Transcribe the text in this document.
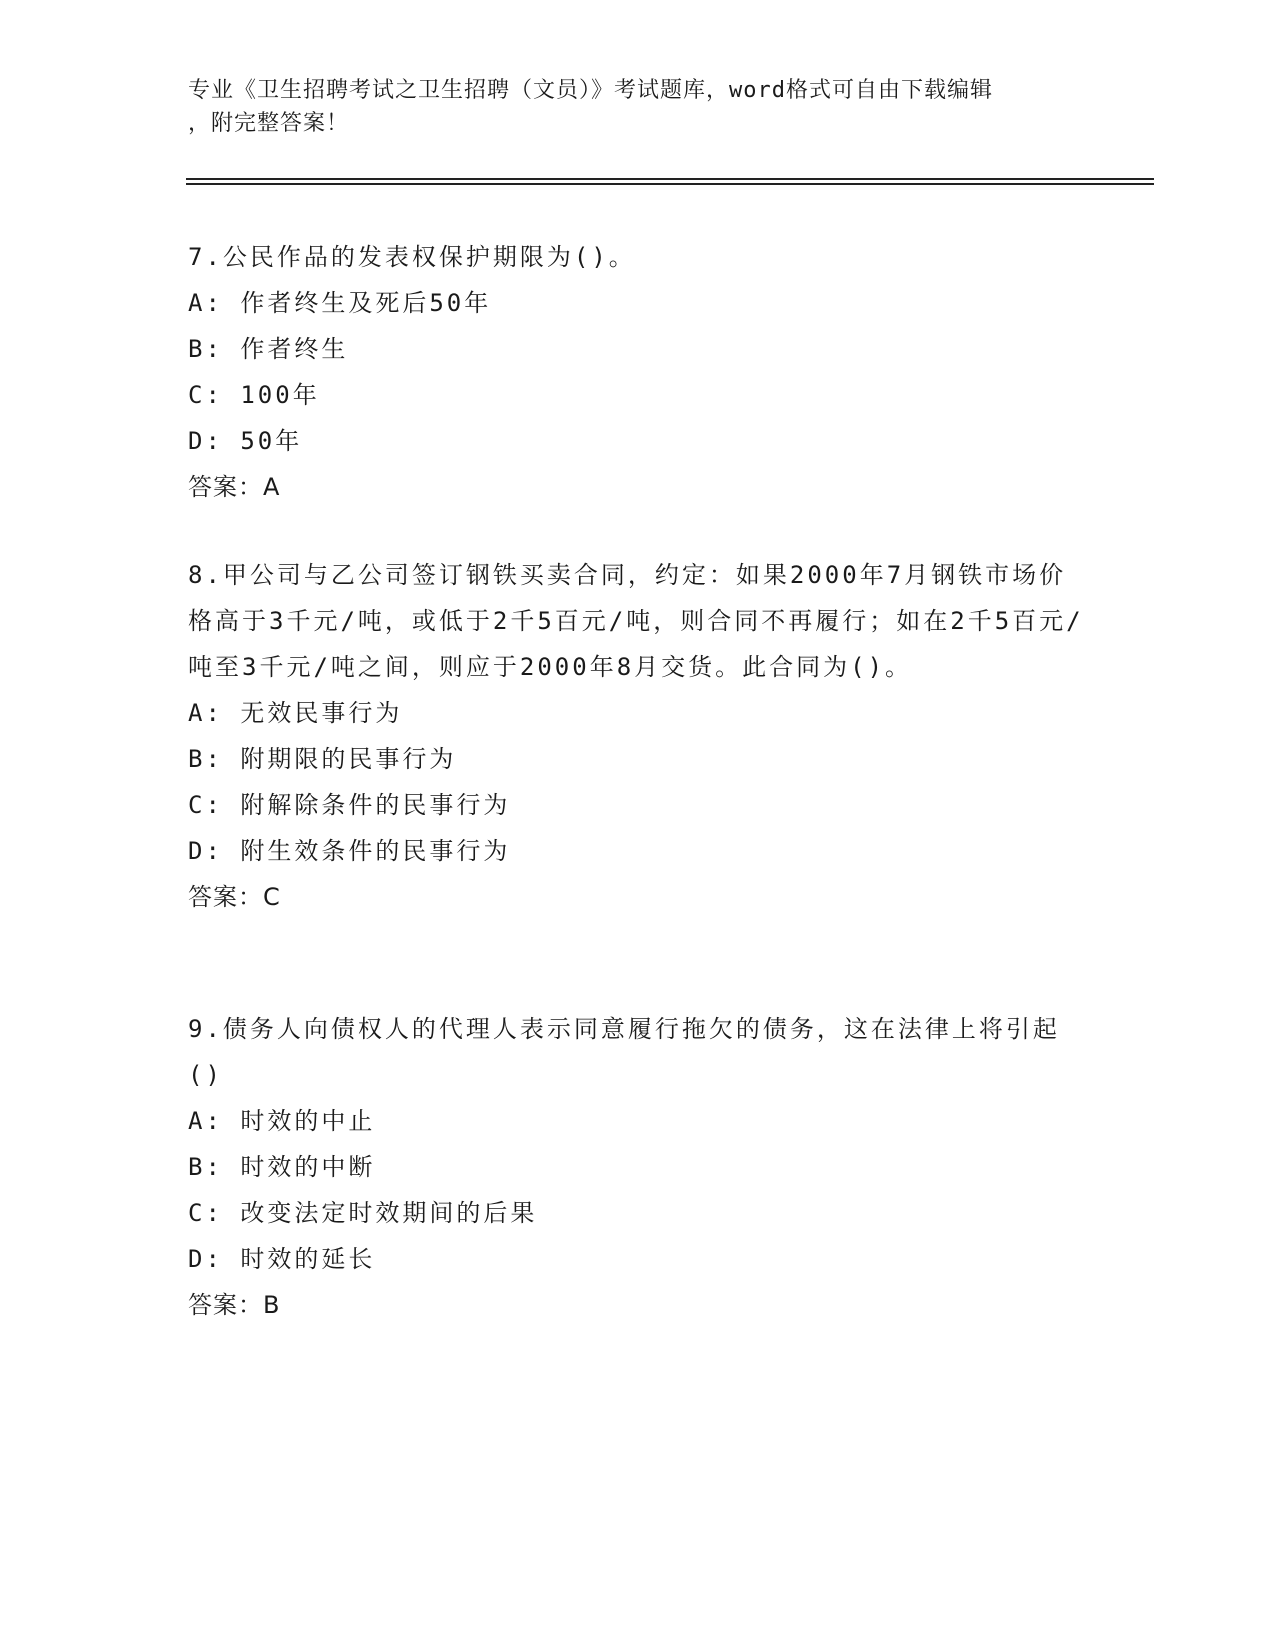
专业《卫生招聘考试之卫生招聘（文员）》考试题库，word格式可自由下载编辑

，附完整答案！

7.公民作品的发表权保护期限为()。

A: 作者终生及死后50年

B: 作者终生

C: 100年

D: 50年

答案：A

8.甲公司与乙公司签订钢铁买卖合同，约定：如果2000年7月钢铁市场价格高于3千元/吨，或低于2千5百元/吨，则合同不再履行；如在2千5百元/吨至3千元/吨之间，则应于2000年8月交货。此合同为()。

A: 无效民事行为

B: 附期限的民事行为

C: 附解除条件的民事行为

D: 附生效条件的民事行为

答案：C

9.债务人向债权人的代理人表示同意履行拖欠的债务，这在法律上将引起()

A: 时效的中止

B: 时效的中断

C: 改变法定时效期间的后果

D: 时效的延长

答案：B
